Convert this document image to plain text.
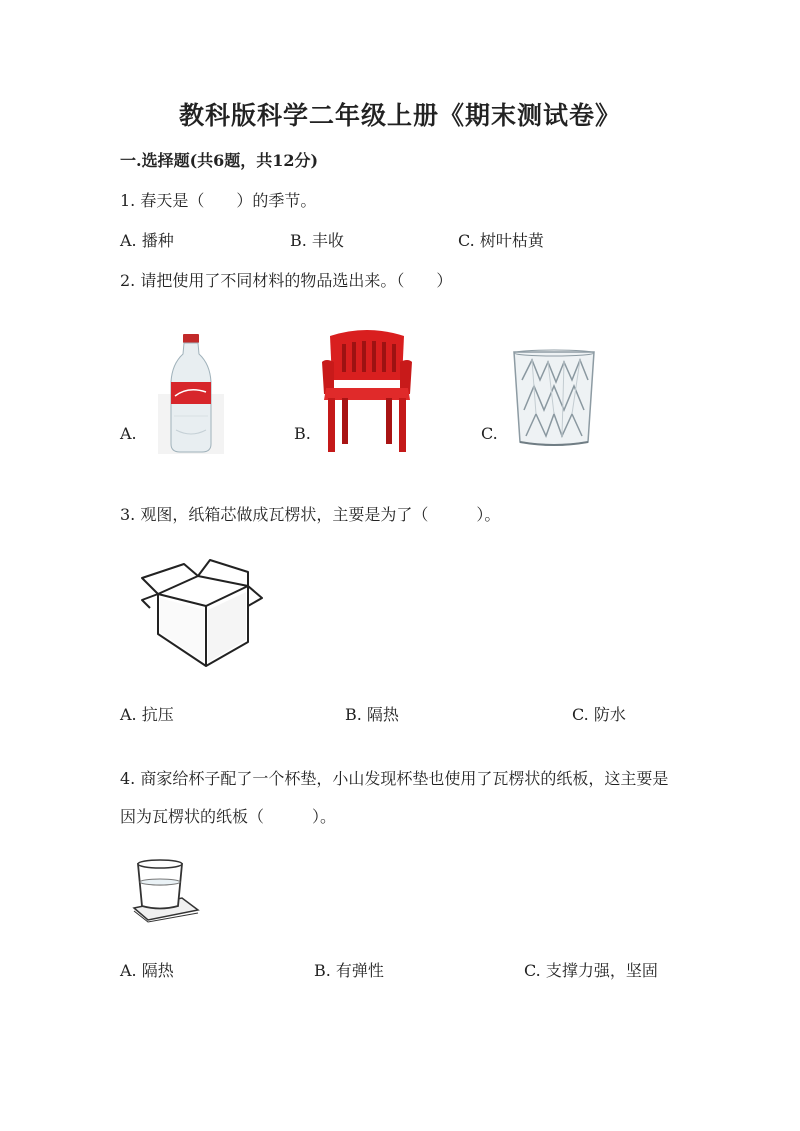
教科版科学二年级上册《期末测试卷》
一.选择题(共6题，共12分)
1. 春天是（　　）的季节。
A. 播种	B. 丰收	C. 树叶枯黄
2. 请把使用了不同材料的物品选出来。（　　）
A.	B.	C.
3. 观图，纸箱芯做成瓦楞状，主要是为了（　　　）。
A. 抗压	B. 隔热	C. 防水
4. 商家给杯子配了一个杯垫，小山发现杯垫也使用了瓦楞状的纸板，这主要是
因为瓦楞状的纸板（　　　）。
A. 隔热	B. 有弹性	C. 支撑力强，坚固
